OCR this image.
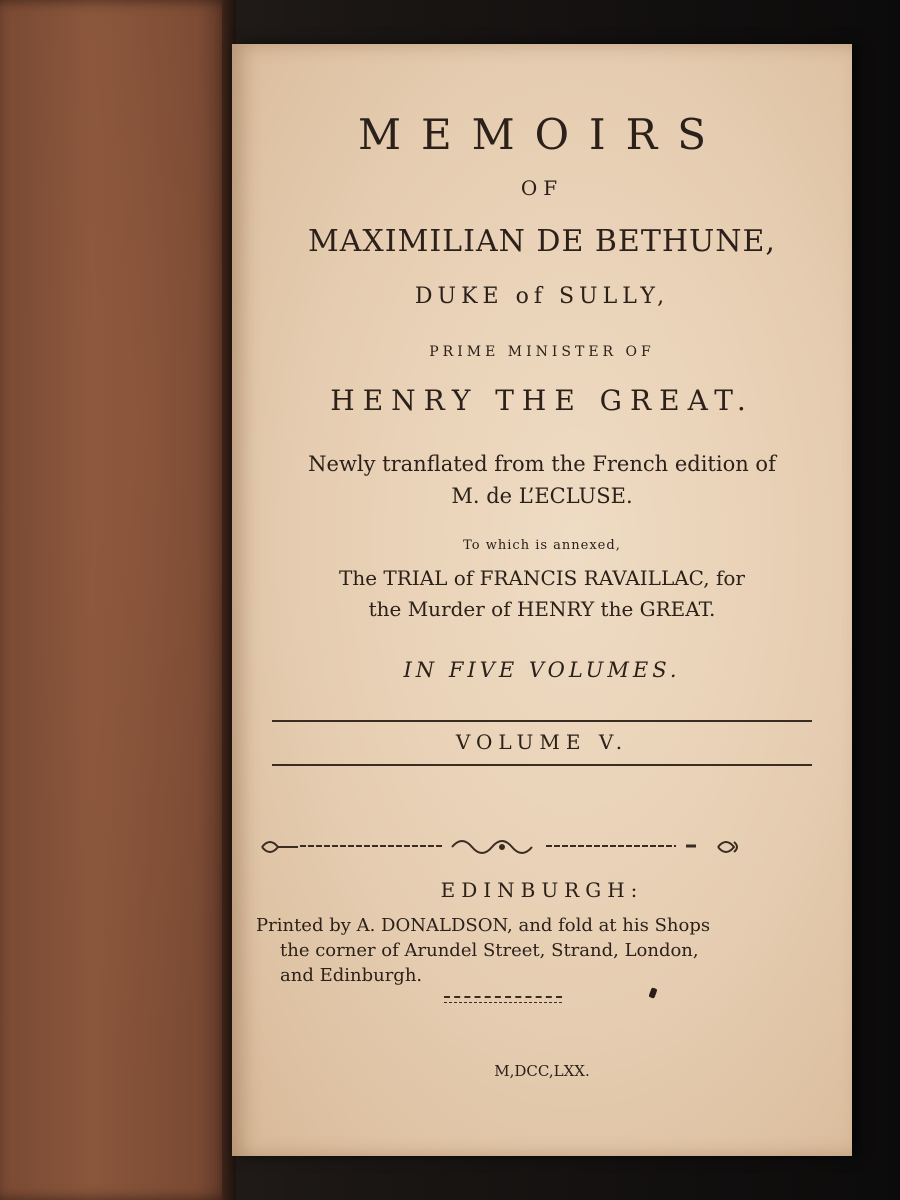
MEMOIRS
OF
MAXIMILIAN DE BETHUNE,
DUKE of SULLY,
PRIME MINISTER OF
HENRY THE GREAT.
Newly tranflated from the French edition of
M. de L’ECLUSE.
To which is annexed,
The TRIAL of FRANCIS RAVAILLAC, for
the Murder of HENRY the GREAT.
IN FIVE VOLUMES.
VOLUME V.
EDINBURGH:
Printed by A. DONALDSON, and fold at his Shops
the corner of Arundel Street, Strand, London,
and Edinburgh.
M,DCC,LXX.
